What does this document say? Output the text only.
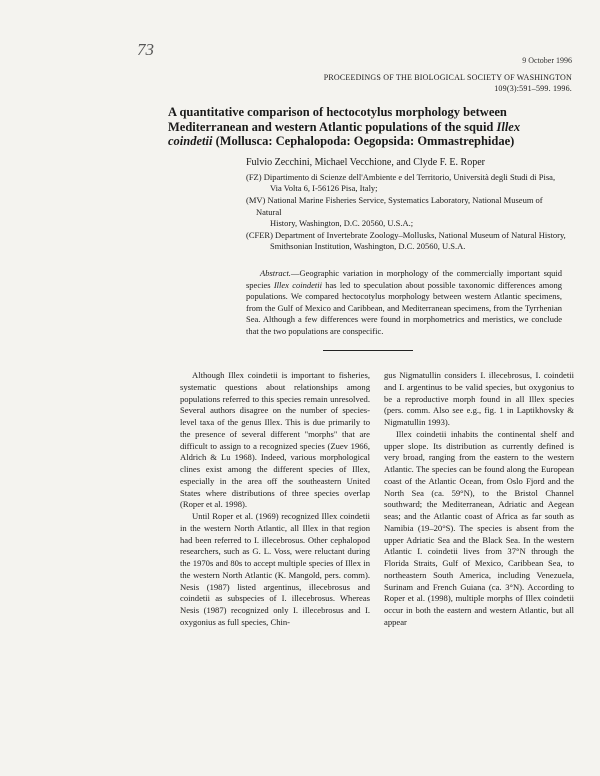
73
9 October 1996
PROCEEDINGS OF THE BIOLOGICAL SOCIETY OF WASHINGTON
109(3):591–599. 1996.
A quantitative comparison of hectocotylus morphology between
Mediterranean and western Atlantic populations of the squid Illex
coindetii (Mollusca: Cephalopoda: Oegopsida: Ommastrephidae)
Fulvio Zecchini, Michael Vecchione, and Clyde F. E. Roper

(FZ) Dipartimento di Scienze dell'Ambiente e del Territorio, Università degli Studi di Pisa,
Via Volta 6, I-56126 Pisa, Italy;

(MV) National Marine Fisheries Service, Systematics Laboratory, National Museum of Natural
History, Washington, D.C. 20560, U.S.A.;

(CFER) Department of Invertebrate Zoology–Mollusks, National Museum of Natural History,
Smithsonian Institution, Washington, D.C. 20560, U.S.A.

Abstract.—Geographic variation in morphology of the commercially important squid species Illex coindetii has led to speculation about possible taxonomic differences among populations. We compared hectocotylus morphology between western Atlantic specimens, from the Gulf of Mexico and Caribbean, and Mediterranean specimens, from the Tyrrhenian Sea. Although a few differences were found in morphometrics and meristics, we conclude that the two populations are conspecific.

Although Illex coindetii is important to fisheries, systematic questions about relationships among populations referred to this species remain unresolved. Several authors disagree on the number of species-level taxa of the genus Illex. This is due primarily to the presence of several different "morphs" that are difficult to assign to a recognized species (Zuev 1966, Aldrich & Lu 1968). Indeed, various morphological clines exist among the different species of Illex, especially in the area off the southeastern United States where distributions of three species overlap (Roper et al. 1998).

Until Roper et al. (1969) recognized Illex coindetii in the western North Atlantic, all Illex in that region had been referred to I. illecebrosus. Other cephalopod researchers, such as G. L. Voss, were reluctant during the 1970s and 80s to accept multiple species of Illex in the western North Atlantic (K. Mangold, pers. comm). Nesis (1987) listed argentinus, illecebrosus and coindetii as subspecies of I. illecebrosus. Whereas Nesis (1987) recognized only I. illecebrosus and I. oxygonius as full species, Chin-

gus Nigmatullin considers I. illecebrosus, I. coindetii and I. argentinus to be valid species, but oxygonius to be a reproductive morph found in all Illex species (pers. comm. Also see e.g., fig. 1 in Laptikhovsky & Nigmatullin 1993).

Illex coindetii inhabits the continental shelf and upper slope. Its distribution as currently defined is very broad, ranging from the eastern to the western Atlantic. The species can be found along the European coast of the Atlantic Ocean, from Oslo Fjord and the North Sea (ca. 59°N), to the Bristol Channel southward; the Mediterranean, Adriatic and Aegean seas; and the Atlantic coast of Africa as far south as Namibia (19–20°S). The species is absent from the upper Adriatic Sea and the Black Sea. In the western Atlantic I. coindetii lives from 37°N through the Florida Straits, Gulf of Mexico, Caribbean Sea, to northeastern South America, including Venezuela, Surinam and French Guiana (ca. 3°N). According to Roper et al. (1998), multiple morphs of Illex coindetii occur in both the eastern and western Atlantic, but all appear
